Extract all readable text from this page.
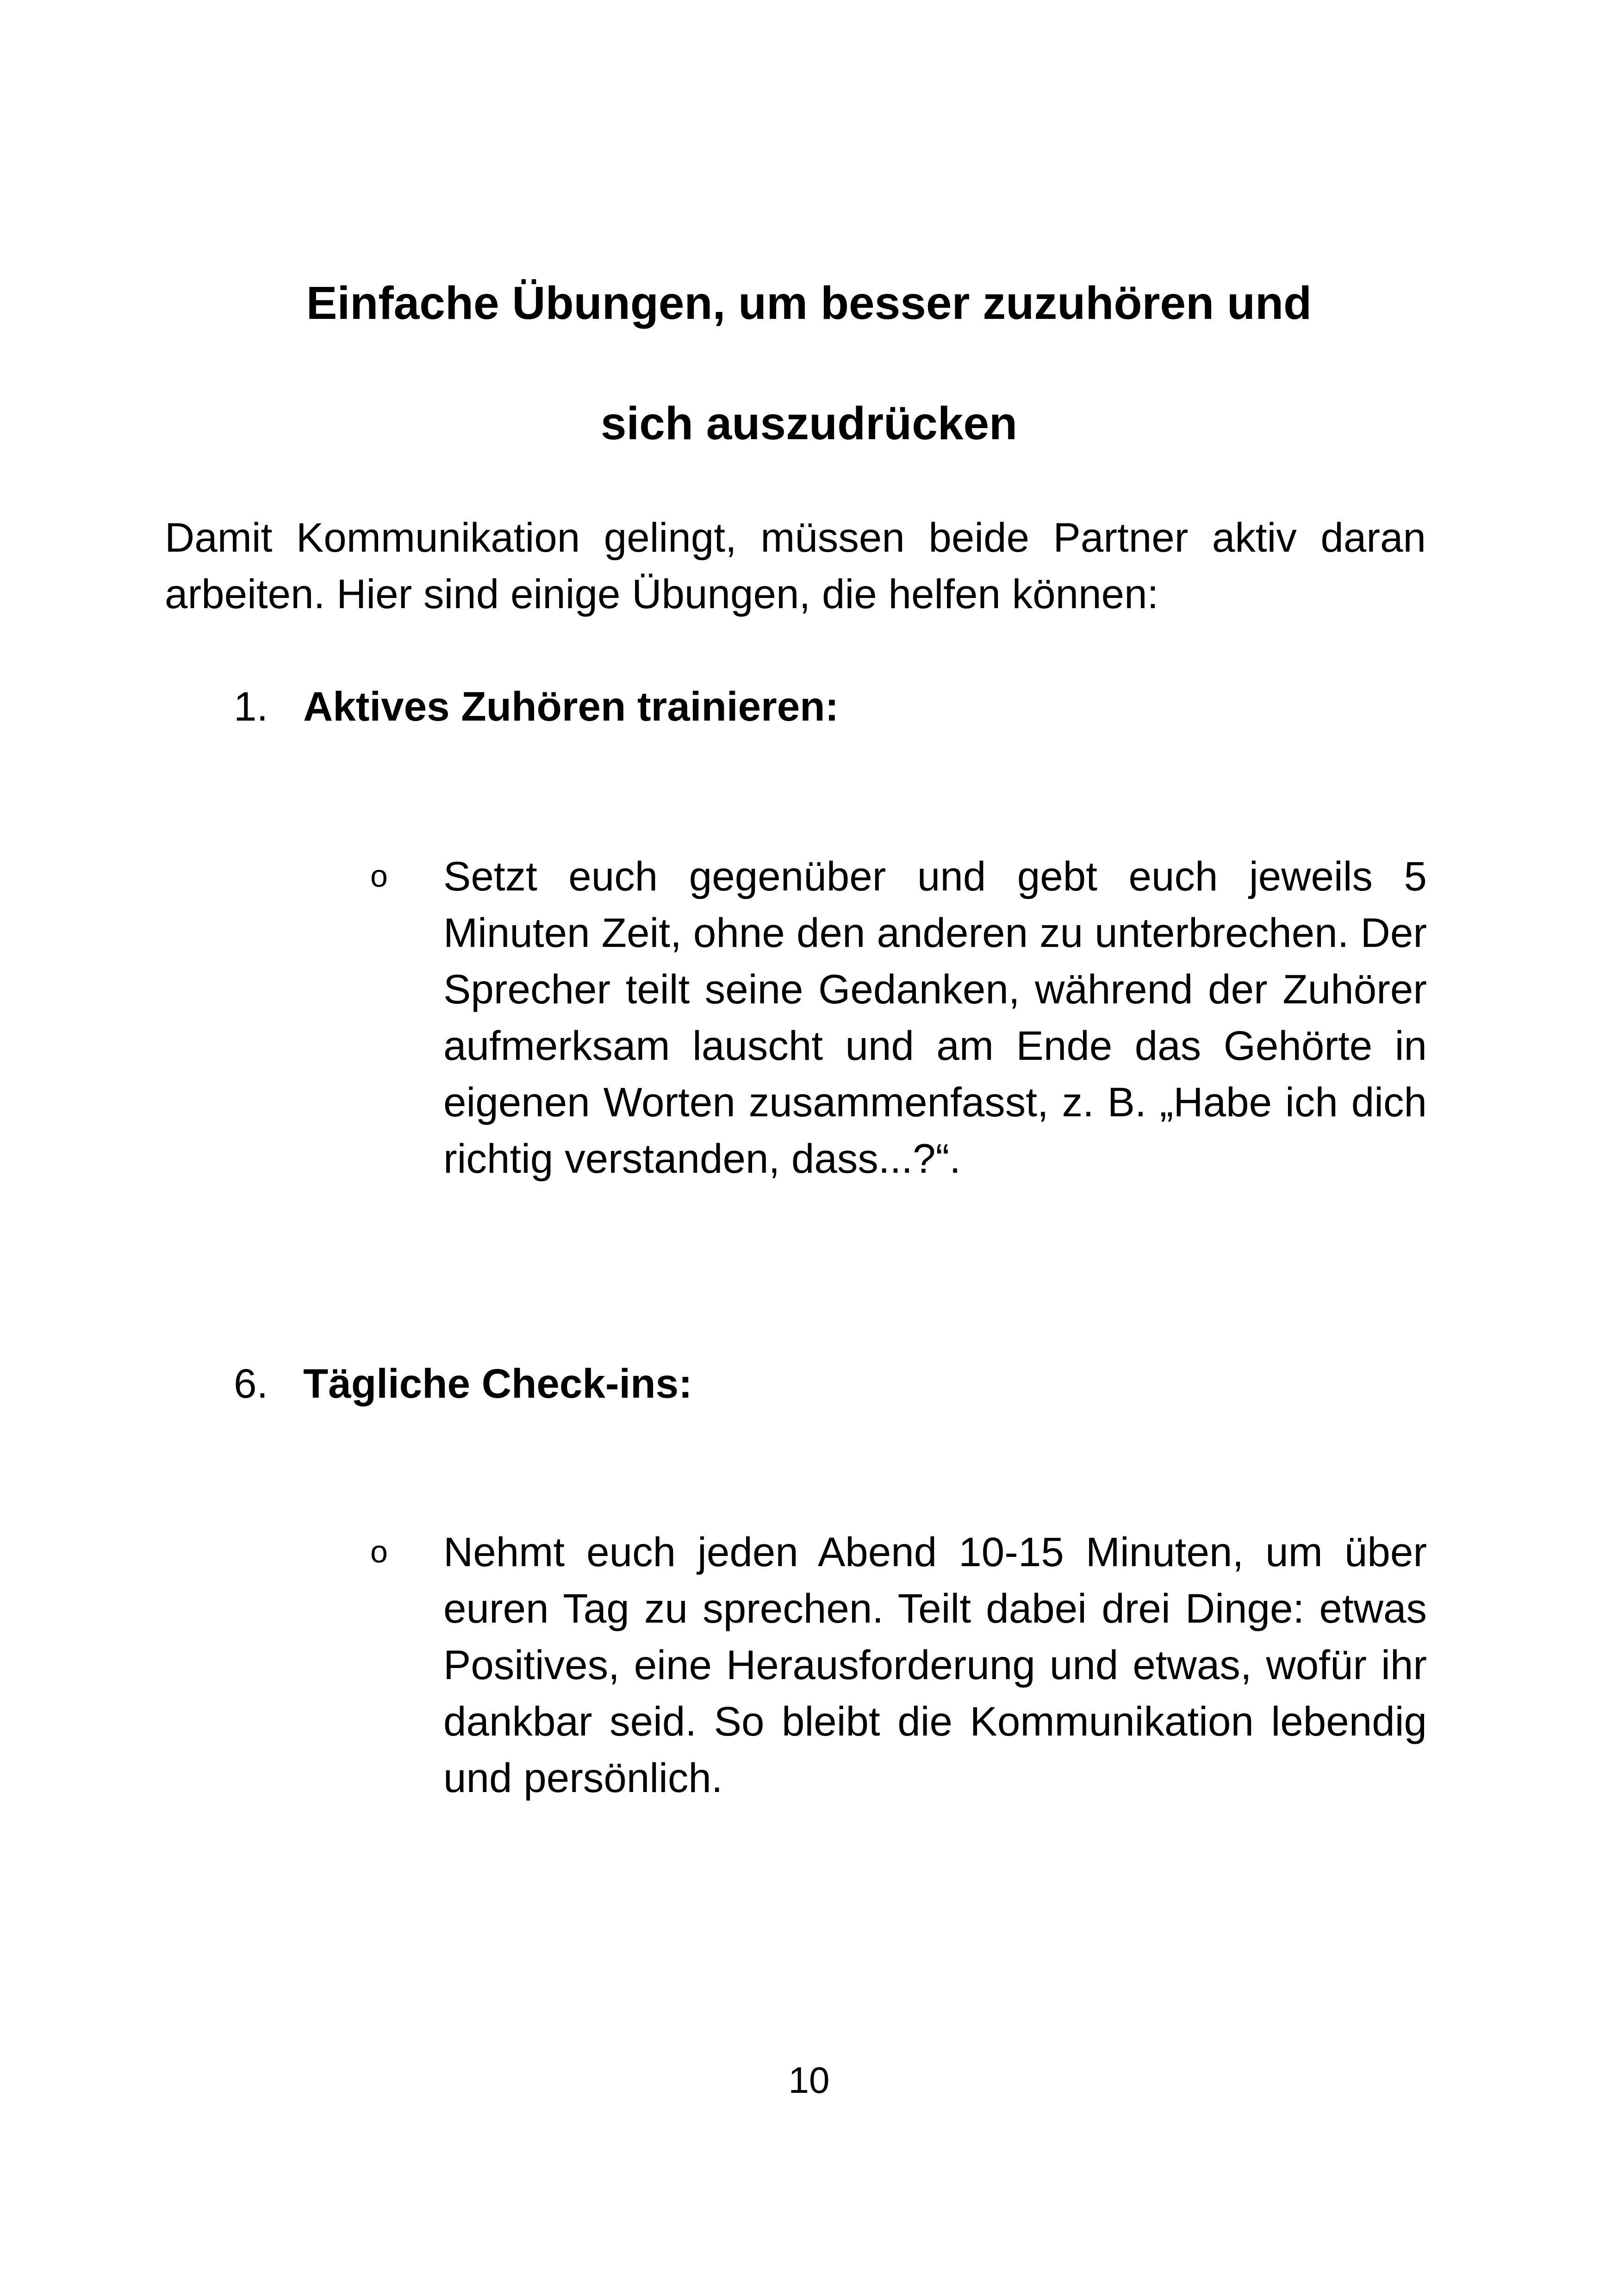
Einfache Übungen, um besser zuzuhören und
sich auszudrücken
Damit Kommunikation gelingt, müssen beide Partner aktiv daran arbeiten. Hier sind einige Übungen, die helfen können:
1. Aktives Zuhören trainieren:
o Setzt euch gegenüber und gebt euch jeweils 5 Minuten Zeit, ohne den anderen zu unterbrechen. Der Sprecher teilt seine Gedanken, während der Zuhörer aufmerksam lauscht und am Ende das Gehörte in eigenen Worten zusammenfasst, z. B. „Habe ich dich richtig verstanden, dass...?“.
6. Tägliche Check-ins:
o Nehmt euch jeden Abend 10-15 Minuten, um über euren Tag zu sprechen. Teilt dabei drei Dinge: etwas Positives, eine Herausforderung und etwas, wofür ihr dankbar seid. So bleibt die Kommunikation lebendig und persönlich.
10
